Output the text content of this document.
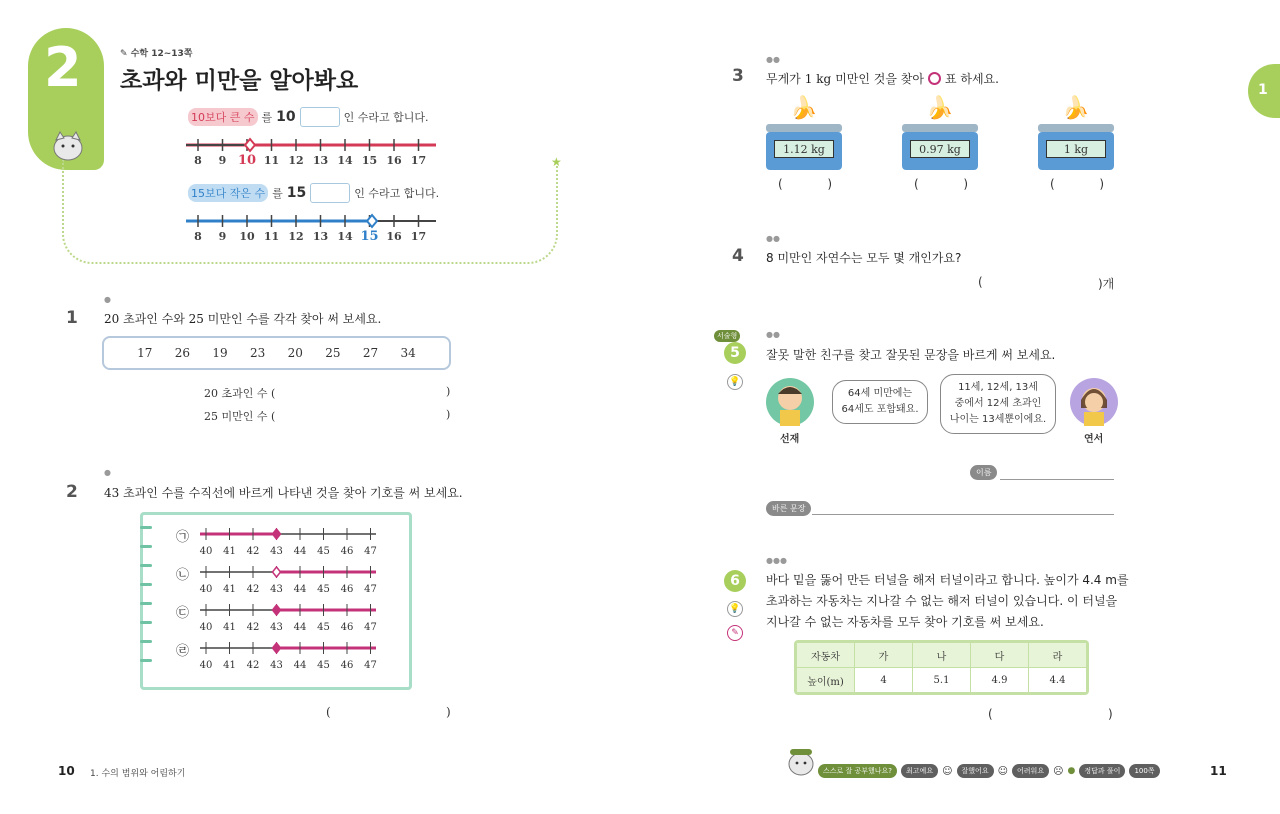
2	✎ 수학 12~13쪽
초과와 미만을 알아봐요
★
10보다 큰 수 를 10	인 수라고 합니다.
8 9 10 11 12 13 14 15 16 17
15보다 작은 수 를 15	인 수라고 합니다.
8 9 10 11 12 13 14 15 16 17
●
1 20 초과인 수와 25 미만인 수를 각각 찾아 써 보세요.
17 26 19 23 20 25 27 34
20 초과인 수 (	)
25 미만인 수 (	)
●
2 43 초과인 수를 수직선에 바르게 나타낸 것을 찾아 기호를 써 보세요.
㉠
40 41 42 43 44 45 46 47
㉡
40 41 42 43 44 45 46 47
㉢
40 41 42 43 44 45 46 47
㉣
40 41 42 43 44 45 46 47
(	)
10 1. 수의 범위와 어림하기
1
●●
3 무게가 1 kg 미만인 것을 찾아 ○ 표 하세요.
🍌
1.12 kg
(	)
🍌
0.97 kg
(	)
🍌
1 kg
(	)
●●
4 8 미만인 자연수는 모두 몇 개인가요?
(	)개
서술형
5
💡
●●
잘못 말한 친구를 찾고 잘못된 문장을 바르게 써 보세요.
선재
64세 미만에는
64세도 포함돼요.
11세, 12세, 13세
중에서 12세 초과인
나이는 13세뿐이에요.
연서
이름
바른 문장
●●●
6
💡
✎
바다 밑을 뚫어 만든 터널을 해저 터널이라고 합니다. 높이가 4.4 m를
초과하는 자동차는 지나갈 수 없는 해저 터널이 있습니다. 이 터널을
지나갈 수 없는 자동차를 모두 찾아 기호를 써 보세요.
자동차	가	나	다	라
높이(m)	4	5.1	4.9	4.4
(	)
스스로 잘 공부했나요?	최고예요 ☺	잘했어요 ☺	어려워요 ☹ ●	정답과 풀이	100쪽	11
